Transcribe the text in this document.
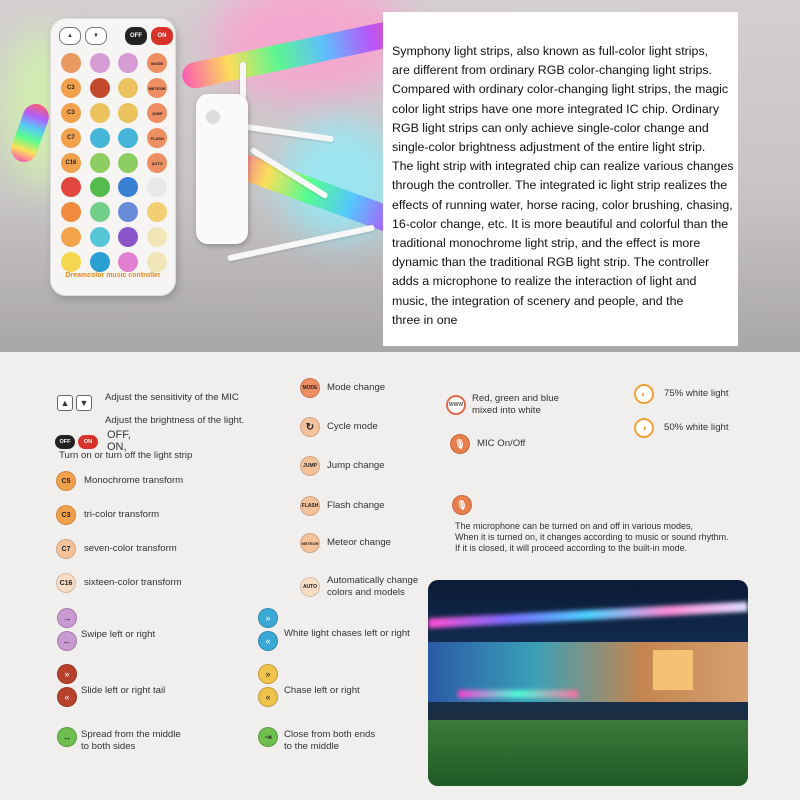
▲	▼	OFF	ON
MODE
C3	METEOR
C3	JUMP
C7	FLASH
C16	AUTO
Dreamcolor music controller
Symphony light strips, also known as full-color light strips,
are different from ordinary RGB color-changing light strips.
Compared with ordinary color-changing light strips, the magic
color light strips have one more integrated IC chip. Ordinary
RGB light strips can only achieve single-color change and
single-color brightness adjustment of the entire light strip.
The light strip with integrated chip can realize various changes
through the controller. The integrated ic light strip realizes the
effects of running water, horse racing, color brushing, chasing,
16-color change, etc. It is more beautiful and colorful than the
traditional monochrome light strip, and the effect is more
dynamic than the traditional RGB light strip. The controller
adds a microphone to realize the interaction of light and
music, the integration of scenery and people, and the
three in one
▲	▼

Adjust the sensitivity of the MIC

Adjust the brightness of the light.

OFF	ON
OFF,
ON,
Turn on or turn off the light strip
C5	Monochrome transform
C3	tri-color transform
C7	seven-color transform
C16	sixteen-color transform
→
←
Swipe left or right
»
«
Slide left or right tail
↔ Spread from the middle
to both sides
MODE Mode change
↻	Cycle mode
JUMP	Jump change
FLASH Flash change
METEOR Meteor change
AUTO
Automatically change
colors and models
»
«
White light chases left or right
»
«
Chase left or right
⇥	Close from both ends
to the middle
WWW
Red, green and blue
mixed into white
🎙	MIC On/Off
🎙
The microphone can be turned on and off in various modes,
When it is turned on, it changes according to music or sound rhythm.
If it is closed, it will proceed according to the built-in mode.
◐	75% white light
◑	50% white light
